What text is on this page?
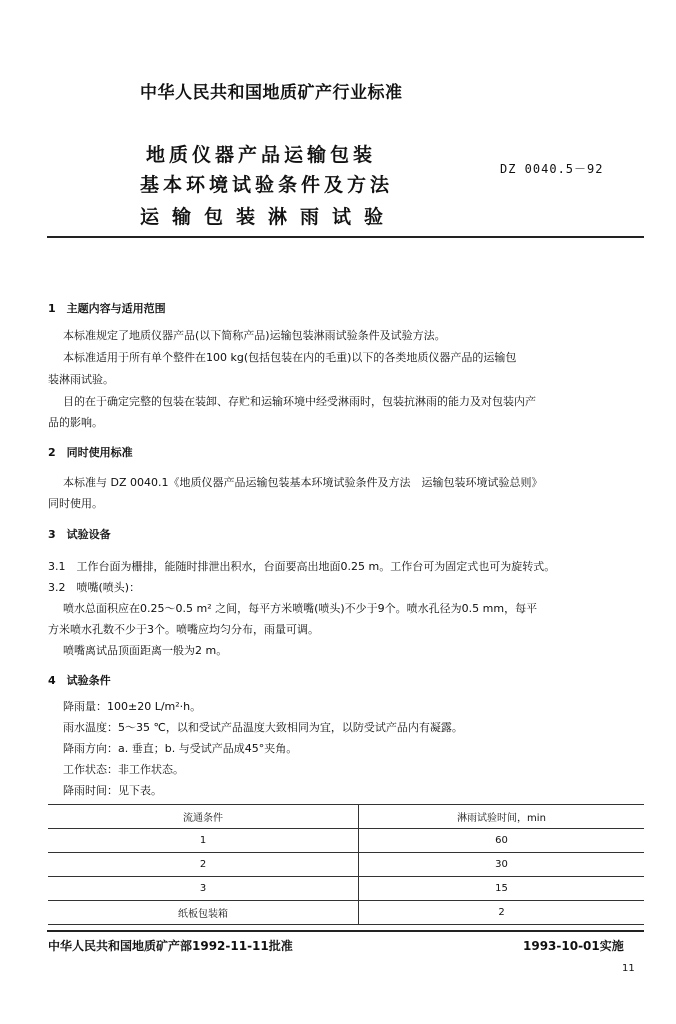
中华人民共和国地质矿产行业标准
地质仪器产品运输包装
基本环境试验条件及方法
运输包装淋雨试验
DZ 0040.5－92
1　主题内容与适用范围
本标准规定了地质仪器产品(以下简称产品)运输包装淋雨试验条件及试验方法。
本标准适用于所有单个整件在100 kg(包括包装在内的毛重)以下的各类地质仪器产品的运输包
装淋雨试验。
目的在于确定完整的包装在装卸、存贮和运输环境中经受淋雨时，包装抗淋雨的能力及对包装内产
品的影响。
2　同时使用标准
本标准与 DZ 0040.1《地质仪器产品运输包装基本环境试验条件及方法　运输包装环境试验总则》
同时使用。
3　试验设备
3.1　工作台面为栅排，能随时排泄出积水，台面要高出地面0.25 m。工作台可为固定式也可为旋转式。
3.2　喷嘴(喷头)：
喷水总面积应在0.25～0.5 m² 之间，每平方米喷嘴(喷头)不少于9个。喷水孔径为0.5 mm，每平
方米喷水孔数不少于3个。喷嘴应均匀分布，雨量可调。
喷嘴离试品顶面距离一般为2 m。
4　试验条件
降雨量：100±20 L/m²·h。
雨水温度：5～35 ℃，以和受试产品温度大致相同为宜，以防受试产品内有凝露。
降雨方向：a. 垂直；b. 与受试产品成45°夹角。
工作状态：非工作状态。
降雨时间：见下表。
流通条件	淋雨试验时间，min
1	60
2	30
3	15
纸板包装箱	2
中华人民共和国地质矿产部1992-11-11批准	1993-10-01实施
11
